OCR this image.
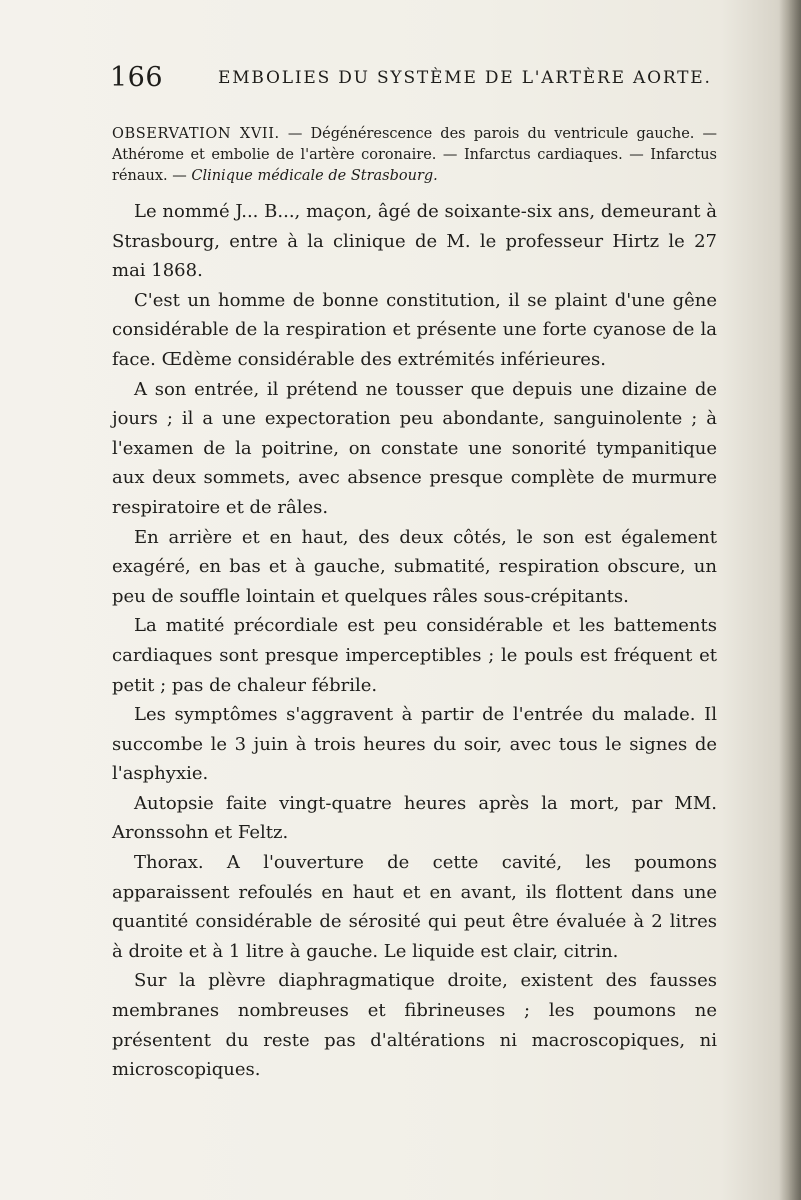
166	EMBOLIES DU SYSTÈME DE L'ARTÈRE AORTE.

OBSERVATION XVII. — Dégénérescence des parois du ventricule gauche. — Athérome et embolie de l'artère coronaire. — Infarctus cardiaques. — Infarctus rénaux. — Clinique médicale de Strasbourg.

Le nommé J... B..., maçon, âgé de soixante-six ans, demeurant à Strasbourg, entre à la clinique de M. le professeur Hirtz le 27 mai 1868.

C'est un homme de bonne constitution, il se plaint d'une gêne considérable de la respiration et présente une forte cyanose de la face. Œdème considérable des extrémités inférieures.

A son entrée, il prétend ne tousser que depuis une dizaine de jours ; il a une expectoration peu abondante, sanguinolente ; à l'examen de la poitrine, on constate une sonorité tympanitique aux deux sommets, avec absence presque complète de murmure respiratoire et de râles.

En arrière et en haut, des deux côtés, le son est également exagéré, en bas et à gauche, submatité, respiration obscure, un peu de souffle lointain et quelques râles sous-crépitants.

La matité précordiale est peu considérable et les battements cardiaques sont presque imperceptibles ; le pouls est fréquent et petit ; pas de chaleur fébrile.

Les symptômes s'aggravent à partir de l'entrée du malade. Il succombe le 3 juin à trois heures du soir, avec tous le signes de l'asphyxie.

Autopsie faite vingt-quatre heures après la mort, par MM. Aronssohn et Feltz.

Thorax. A l'ouverture de cette cavité, les poumons apparaissent refoulés en haut et en avant, ils flottent dans une quantité considérable de sérosité qui peut être évaluée à 2 litres à droite et à 1 litre à gauche. Le liquide est clair, citrin.

Sur la plèvre diaphragmatique droite, existent des fausses membranes nombreuses et fibrineuses ; les poumons ne présentent du reste pas d'altérations ni macroscopiques, ni microscopiques.
